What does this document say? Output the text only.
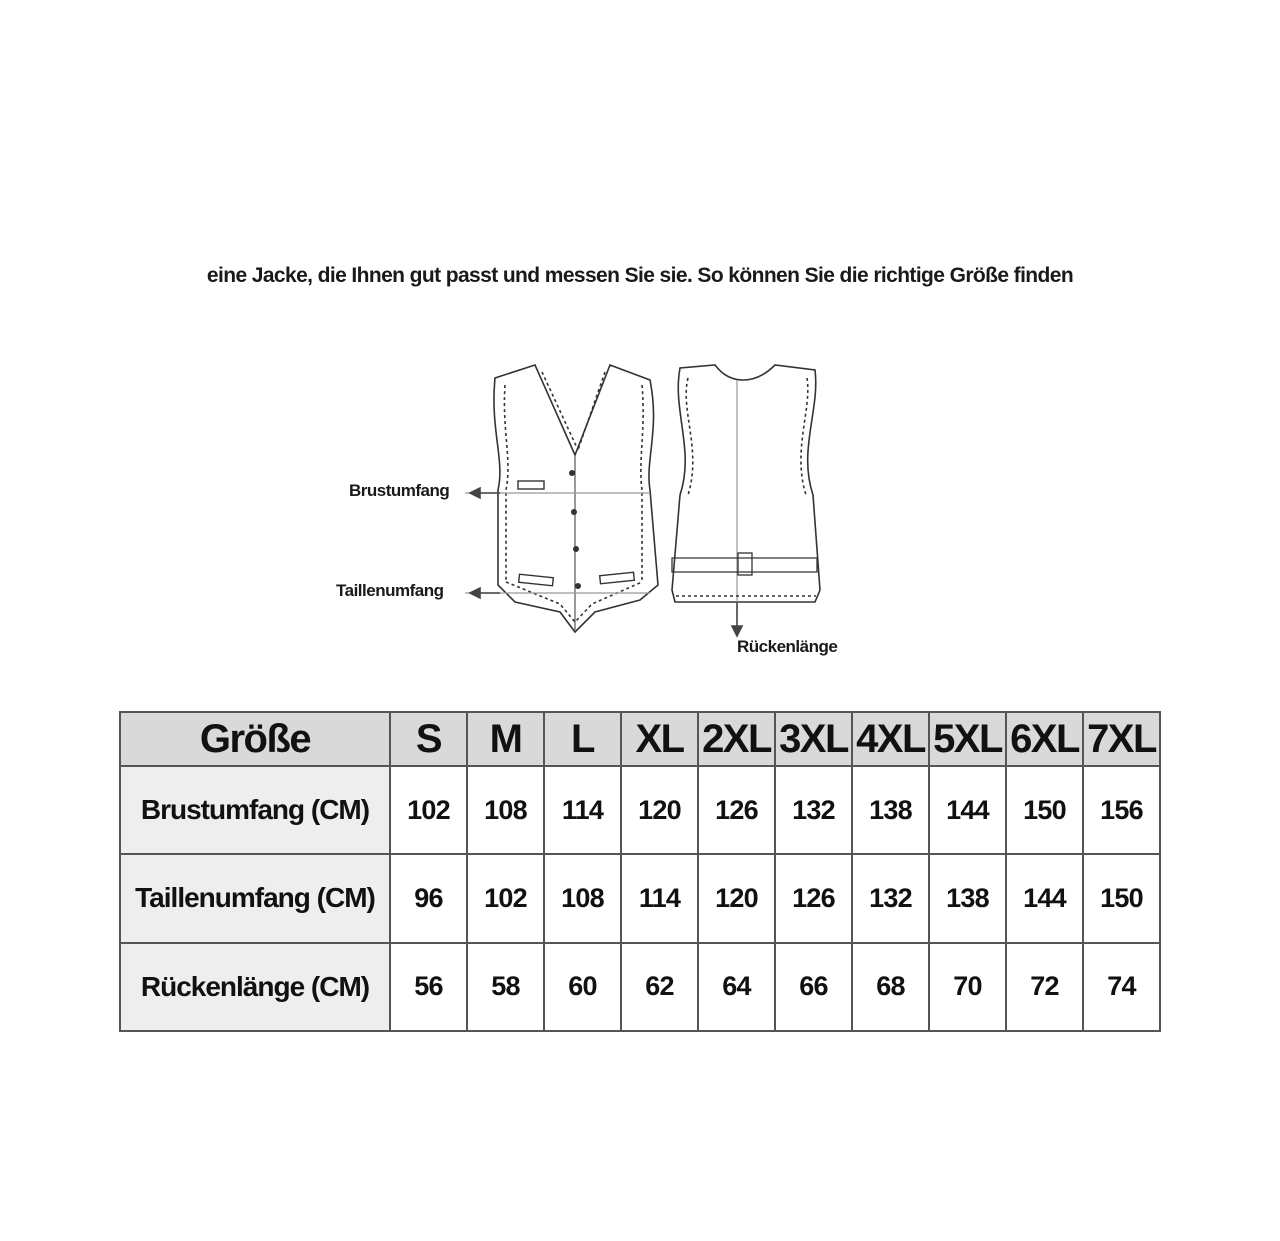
eine Jacke, die Ihnen gut passt und messen Sie sie. So können Sie die richtige Größe finden
Brustumfang
Taillenumfang
Rückenlänge
Größe	S	M	L	XL	2XL	3XL	4XL	5XL	6XL	7XL
Brustumfang (CM)	102	108	114	120	126	132	138	144	150	156
Taillenumfang (CM)	96	102	108	114	120	126	132	138	144	150
Rückenlänge (CM)	56	58	60	62	64	66	68	70	72	74
